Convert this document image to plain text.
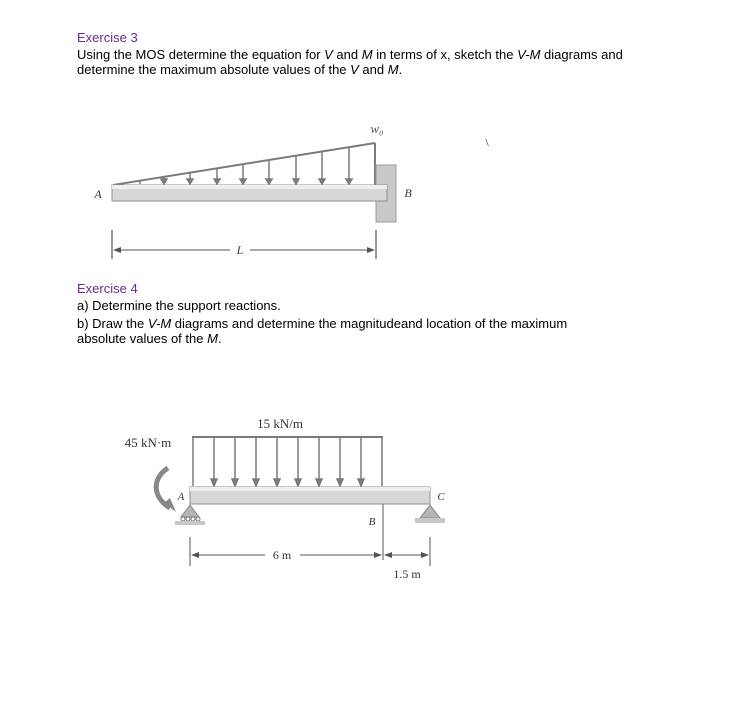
Exercise 3
Using the MOS determine the equation for V and M in terms of x, sketch the V-M diagrams and
determine the maximum absolute values of the V and M.
L
w₀
A	B
\
Exercise 4
a) Determine the support reactions.
b) Draw the V-M diagrams and determine the magnitudeand location of the maximum
absolute values of the M.
6 m
1.5 m
15 kN/m
45 kN·m
A
B
C
